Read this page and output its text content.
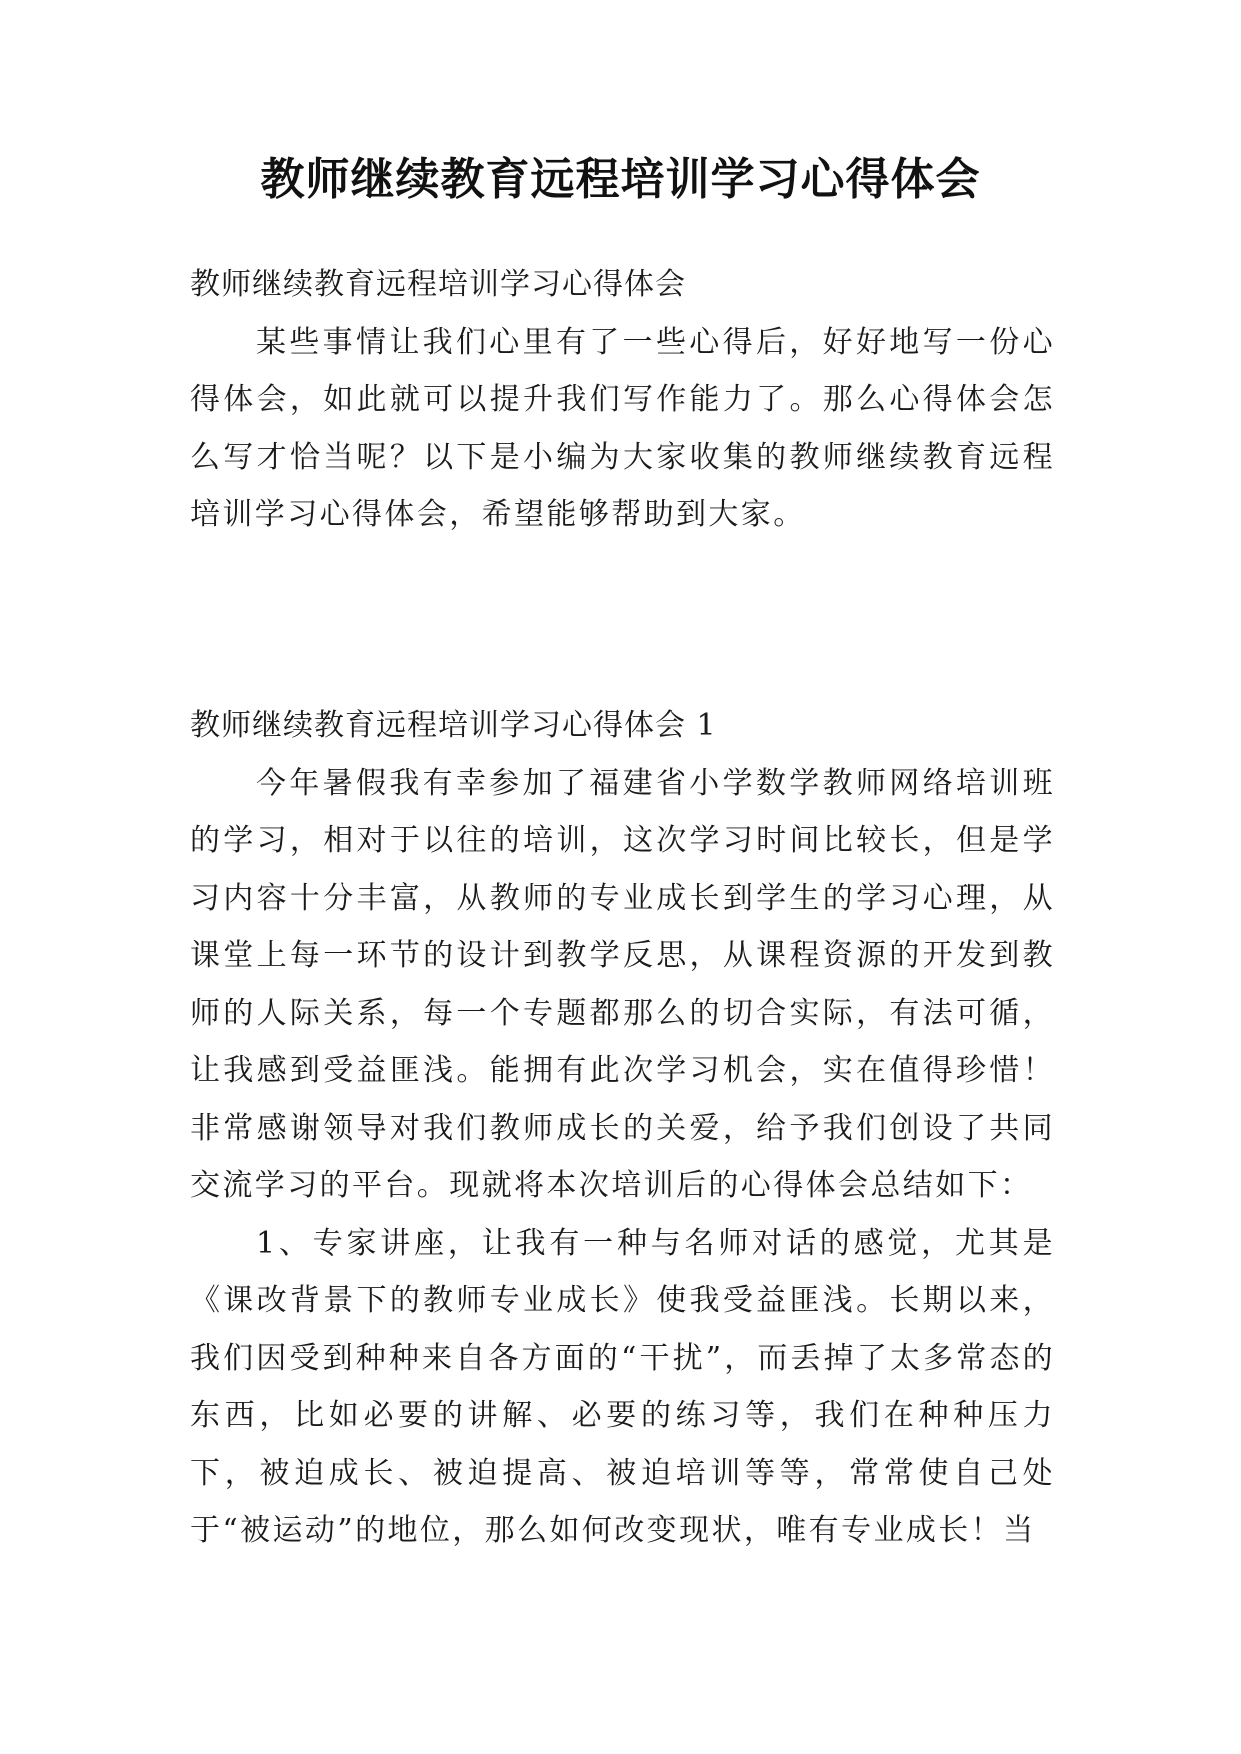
教师继续教育远程培训学习心得体会

教师继续教育远程培训学习心得体会

某些事情让我们心里有了一些心得后，好好地写一份心得体会，如此就可以提升我们写作能力了。那么心得体会怎么写才恰当呢？以下是小编为大家收集的教师继续教育远程培训学习心得体会，希望能够帮助到大家。

教师继续教育远程培训学习心得体会 1

今年暑假我有幸参加了福建省小学数学教师网络培训班的学习，相对于以往的培训，这次学习时间比较长，但是学习内容十分丰富，从教师的专业成长到学生的学习心理，从课堂上每一环节的设计到教学反思，从课程资源的开发到教师的人际关系，每一个专题都那么的切合实际，有法可循，让我感到受益匪浅。能拥有此次学习机会，实在值得珍惜！非常感谢领导对我们教师成长的关爱，给予我们创设了共同交流学习的平台。现就将本次培训后的心得体会总结如下：

1、专家讲座，让我有一种与名师对话的感觉，尤其是《课改背景下的教师专业成长》使我受益匪浅。长期以来，我们因受到种种来自各方面的“干扰”，而丢掉了太多常态的东西，比如必要的讲解、必要的练习等，我们在种种压力下，被迫成长、被迫提高、被迫培训等等，常常使自己处于“被运动”的地位，那么如何改变现状，唯有专业成长！当
